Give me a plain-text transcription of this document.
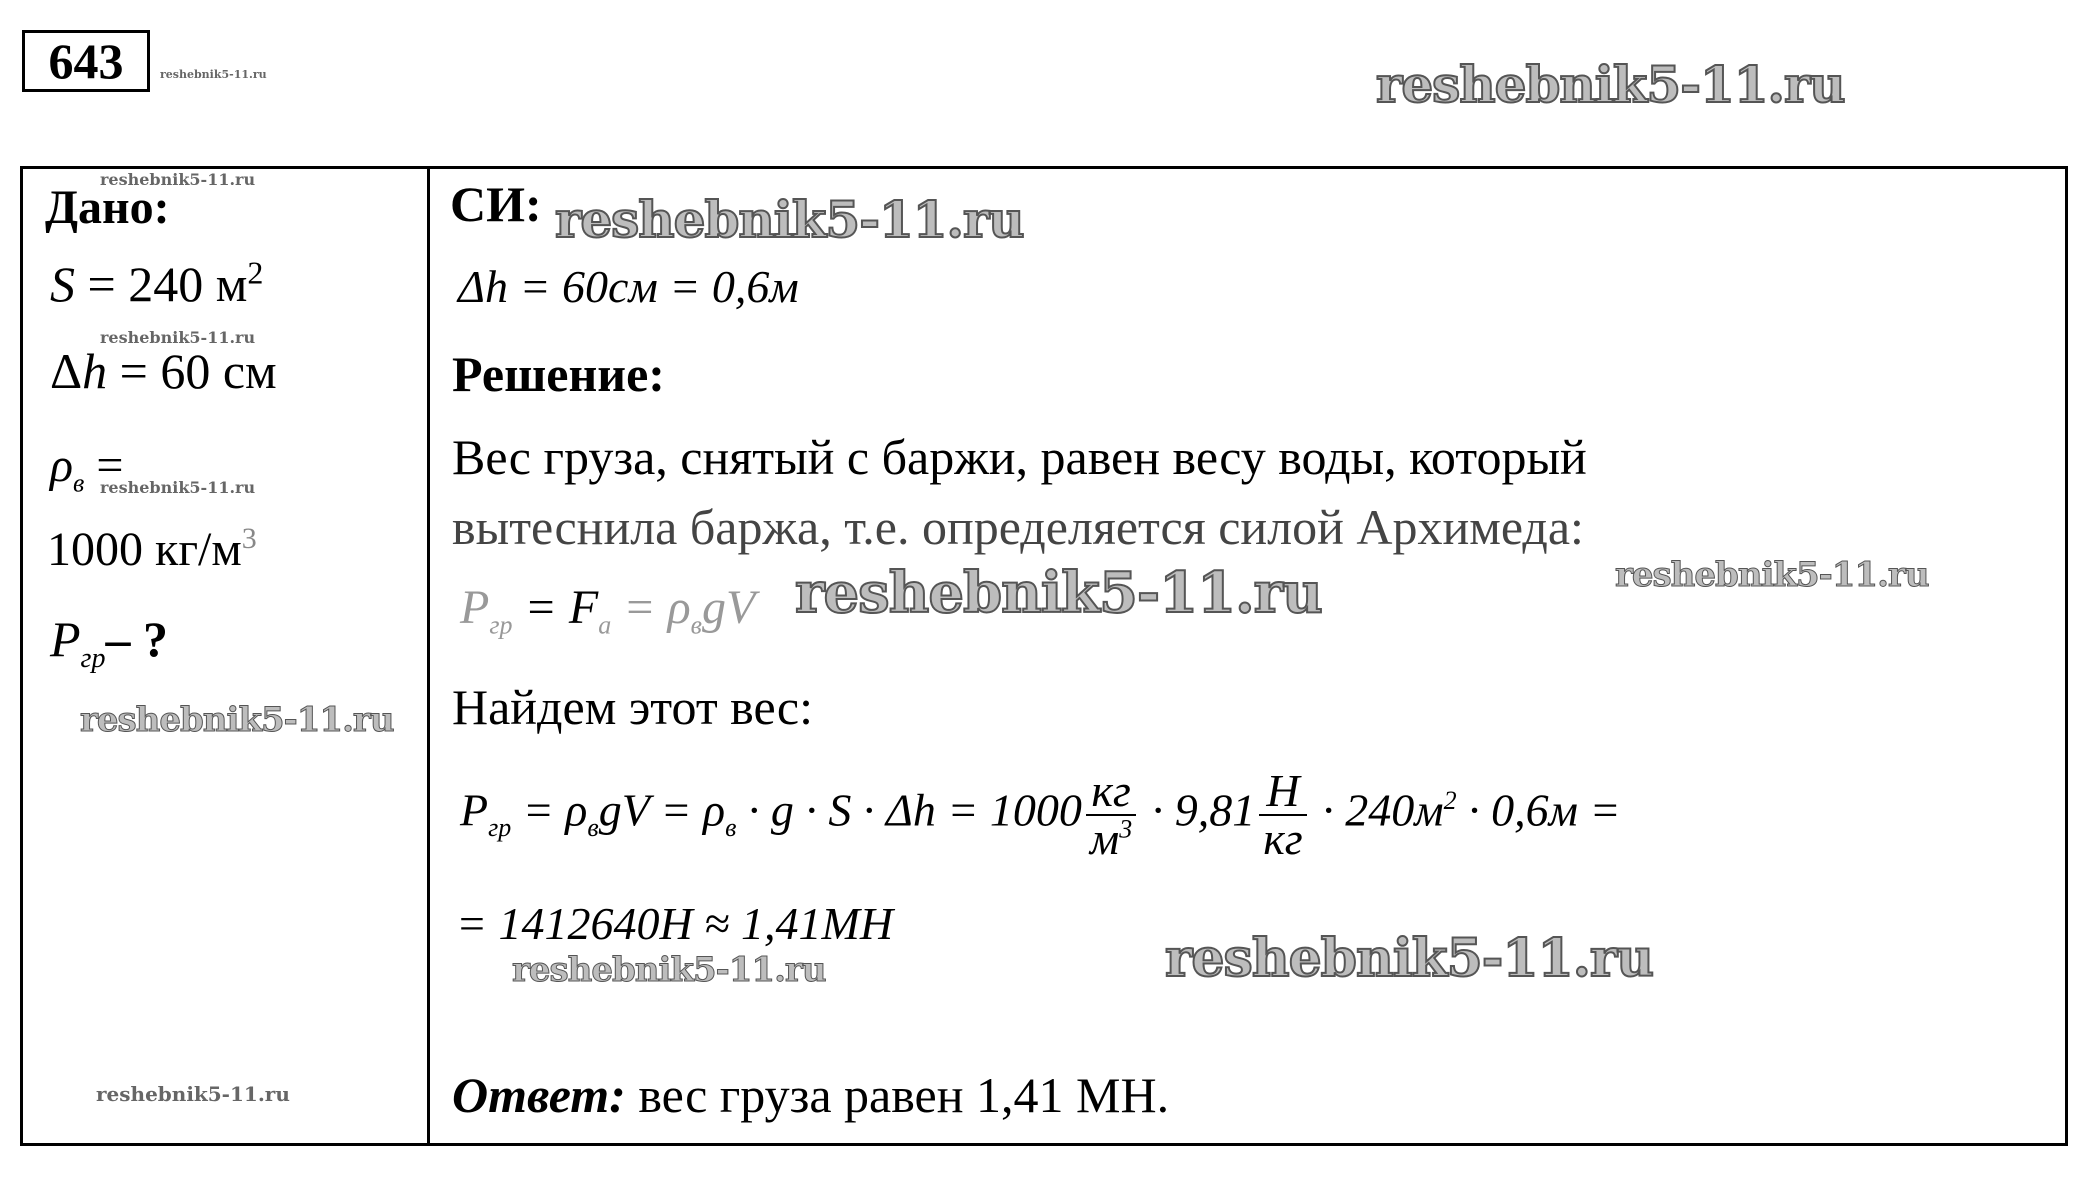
643	reshebnik5-11.ru	reshebnik5-11.ru
reshebnik5-11.ru
Дано:
S = 240 $м^2$
reshebnik5-11.ru
Δh = 60 см
$\rho_в$ =
reshebnik5-11.ru
1000 $кг/м^3$
$P_{гр}-$ ?
reshebnik5-11.ru
reshebnik5-11.ru
СИ: reshebnik5-11.ru
Δh = 60см = 0,6м
Решение:
Вес груза, снятый с баржи, равен весу воды, который
вытеснила баржа, т.е. определяется силой Архимеда:
$P_{гр} = F_a = \rho_вgV$ reshebnik5-11.ru	reshebnik5-11.ru
Найдем этот вес:
$P_{гр} = \rho_вgV = \rho_в \cdot g \cdot S \cdot \Delta h = 1000 \frac{кг}{м^3} \cdot 9,81 \frac{Н}{кг} \cdot 240м^2 \cdot 0,6м$ =
= 1412640Н ≈ 1,41МН
reshebnik5-11.ru	reshebnik5-11.ru
Ответ: вес груза равен 1,41 МН.
